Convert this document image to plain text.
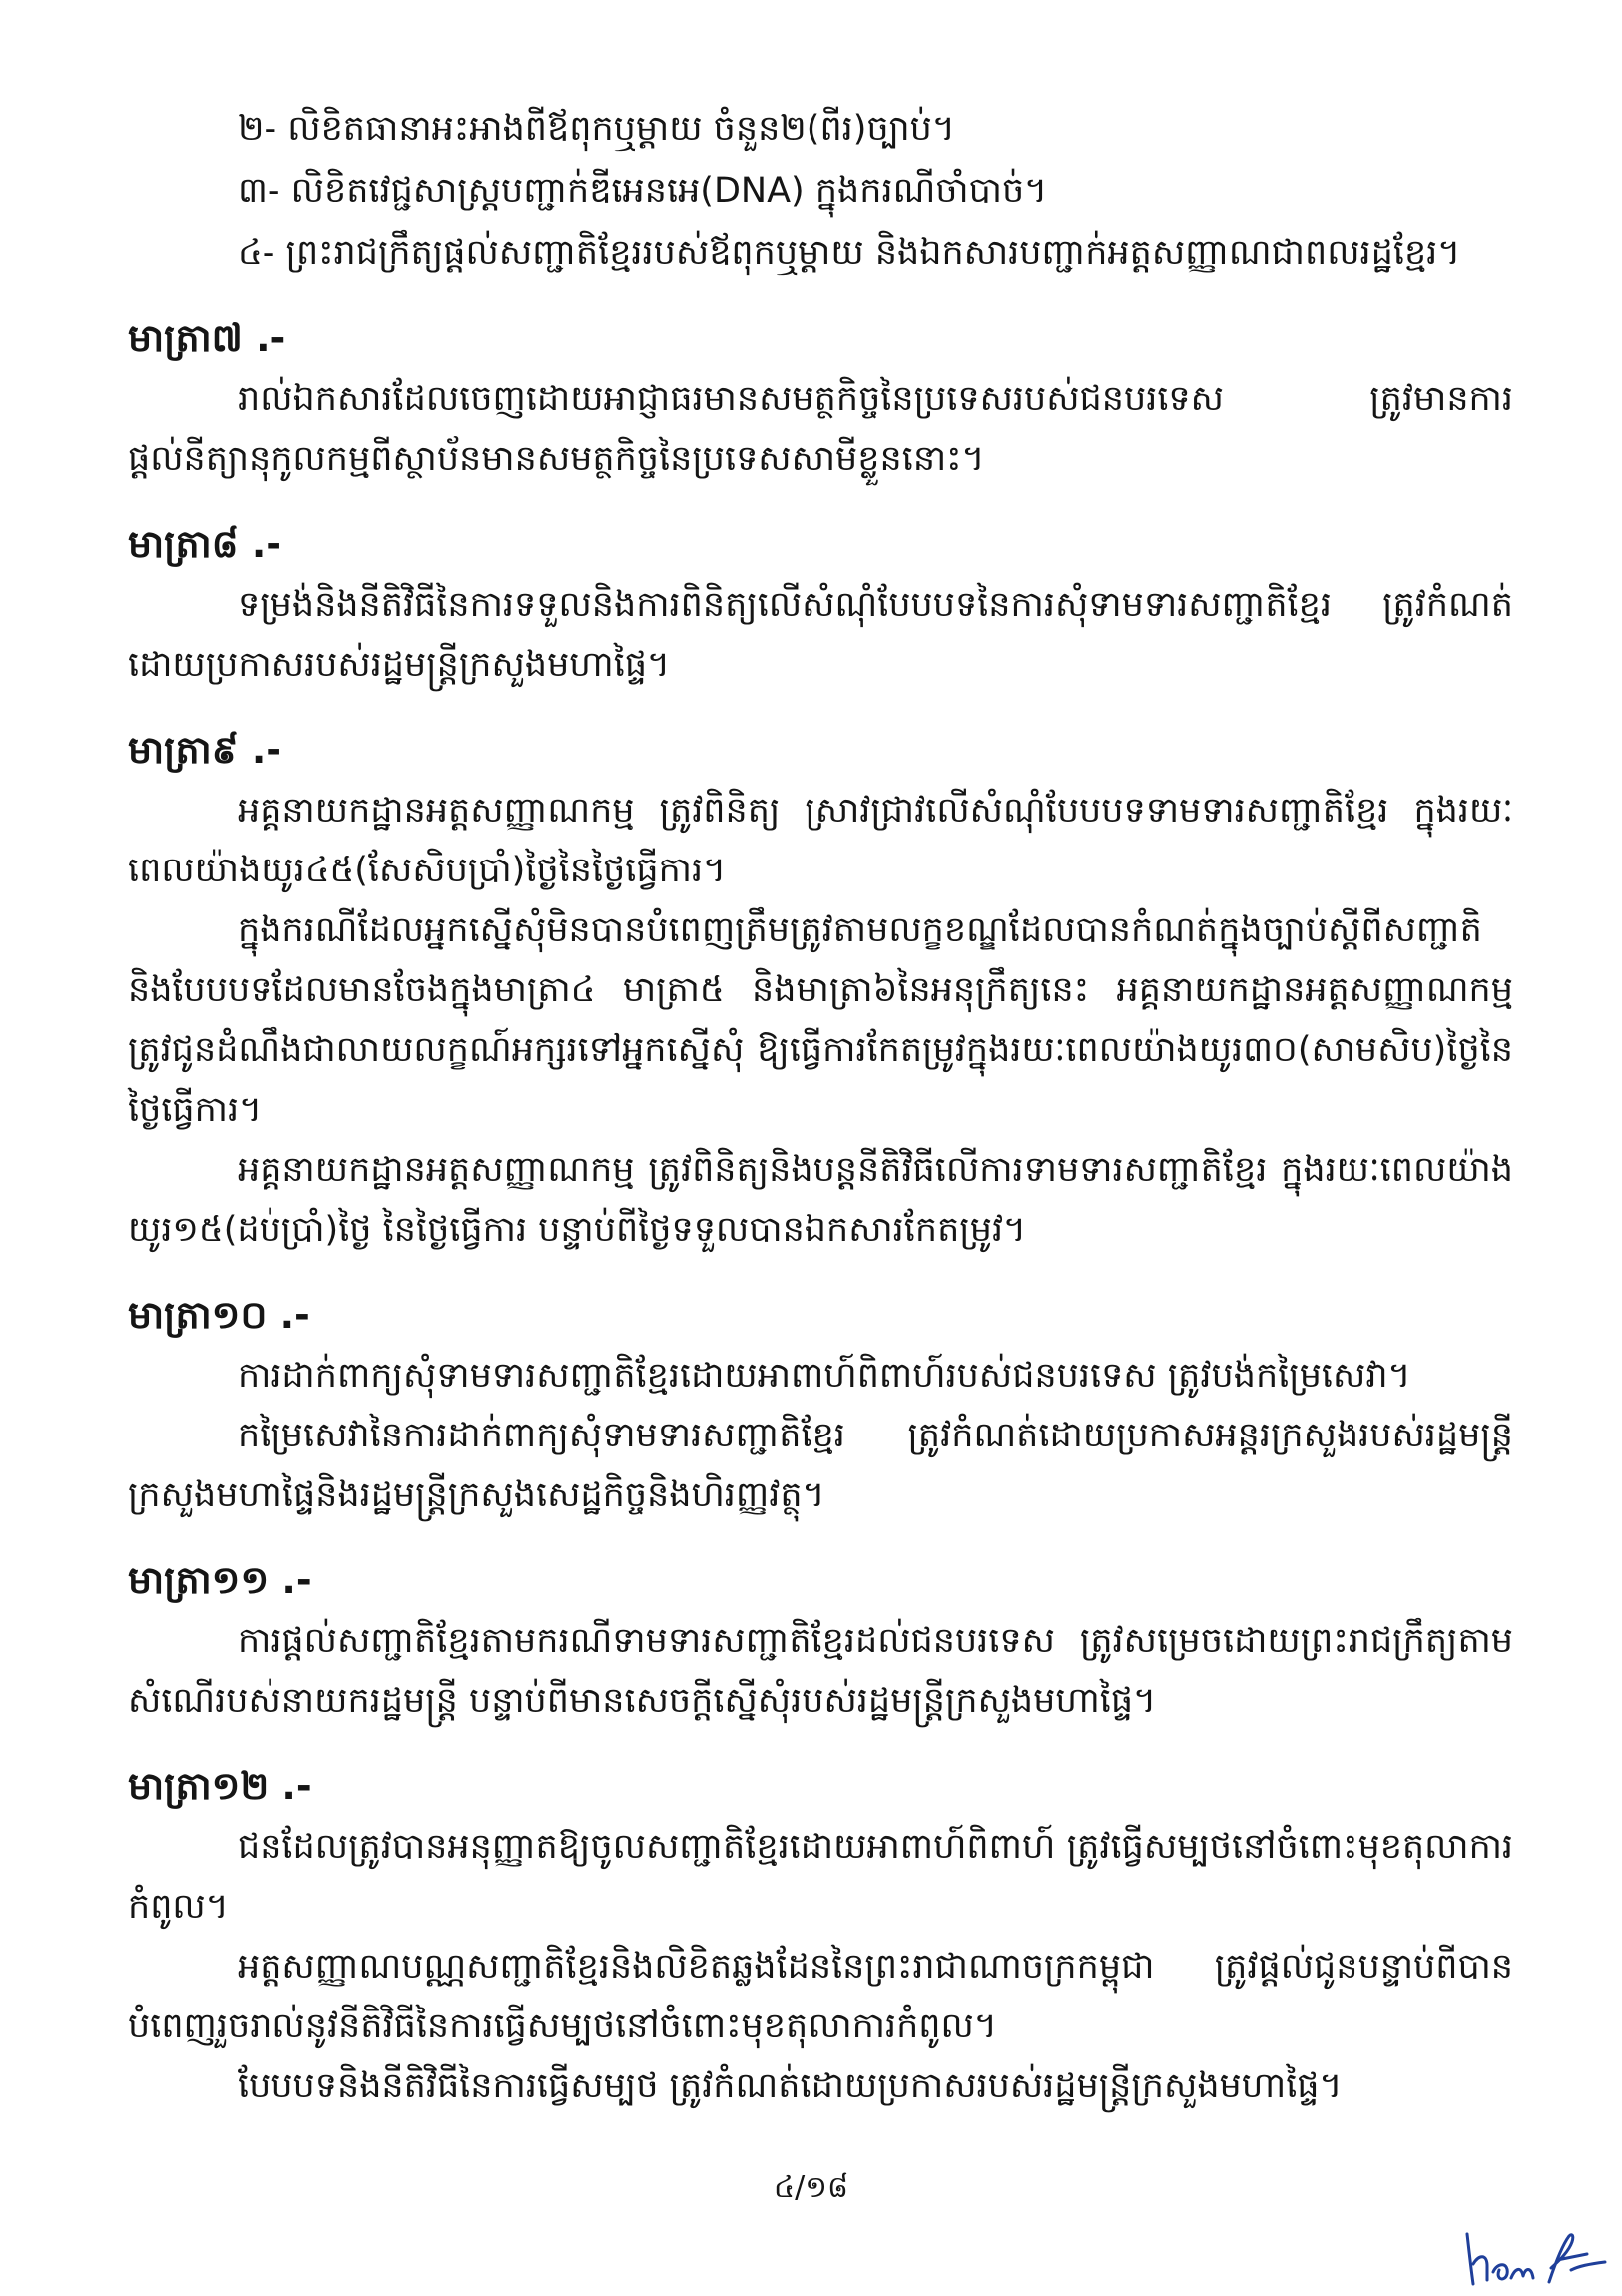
២- លិខិតធានាអះអាងពីឪពុកឬម្ដាយ ចំនួន២(ពីរ)ច្បាប់។
៣- លិខិតវេជ្ជសាស្ត្របញ្ជាក់ឌីអេនអេ(DNA) ក្នុងករណីចាំបាច់។
៤- ព្រះរាជក្រឹត្យផ្ដល់សញ្ជាតិខ្មែររបស់ឪពុកឬម្ដាយ និងឯកសារបញ្ជាក់អត្តសញ្ញាណជាពលរដ្ឋខ្មែរ។
មាត្រា៧ .-

រាល់ឯកសារដែលចេញដោយអាជ្ញាធរមានសមត្ថកិច្ចនៃប្រទេសរបស់ជនបរទេស ត្រូវមានការផ្ដល់នីត្យានុកូលកម្មពីស្ថាប័នមានសមត្ថកិច្ចនៃប្រទេសសាមីខ្លួននោះ។

មាត្រា៨ .-

ទម្រង់និងនីតិវិធីនៃការទទួលនិងការពិនិត្យលើសំណុំបែបបទនៃការសុំទាមទារសញ្ជាតិខ្មែរ ត្រូវកំណត់ដោយប្រកាសរបស់រដ្ឋមន្ត្រីក្រសួងមហាផ្ទៃ។

មាត្រា៩ .-

អគ្គនាយកដ្ឋានអត្តសញ្ញាណកម្ម ត្រូវពិនិត្យ ស្រាវជ្រាវលើសំណុំបែបបទទាមទារសញ្ជាតិខ្មែរ ក្នុងរយៈពេលយ៉ាងយូរ៤៥(សែសិបប្រាំ)ថ្ងៃនៃថ្ងៃធ្វើការ។

ក្នុងករណីដែលអ្នកស្នើសុំមិនបានបំពេញត្រឹមត្រូវតាមលក្ខខណ្ឌដែលបានកំណត់ក្នុងច្បាប់ស្ដីពីសញ្ជាតិ និងបែបបទដែលមានចែងក្នុងមាត្រា៤ មាត្រា៥ និងមាត្រា៦នៃអនុក្រឹត្យនេះ អគ្គនាយកដ្ឋានអត្តសញ្ញាណកម្ម ត្រូវជូនដំណឹងជាលាយលក្ខណ៍អក្សរទៅអ្នកស្នើសុំ ឱ្យធ្វើការកែតម្រូវក្នុងរយៈពេលយ៉ាងយូរ៣០(សាមសិប)ថ្ងៃនៃថ្ងៃធ្វើការ។

អគ្គនាយកដ្ឋានអត្តសញ្ញាណកម្ម ត្រូវពិនិត្យនិងបន្តនីតិវិធីលើការទាមទារសញ្ជាតិខ្មែរ ក្នុងរយៈពេលយ៉ាងយូរ១៥(ដប់ប្រាំ)ថ្ងៃ នៃថ្ងៃធ្វើការ បន្ទាប់ពីថ្ងៃទទួលបានឯកសារកែតម្រូវ។

មាត្រា១០ .-

ការដាក់ពាក្យសុំទាមទារសញ្ជាតិខ្មែរដោយអាពាហ៍ពិពាហ៍របស់ជនបរទេស ត្រូវបង់កម្រៃសេវា។

កម្រៃសេវានៃការដាក់ពាក្យសុំទាមទារសញ្ជាតិខ្មែរ ត្រូវកំណត់ដោយប្រកាសអន្តរក្រសួងរបស់រដ្ឋមន្ត្រីក្រសួងមហាផ្ទៃនិងរដ្ឋមន្ត្រីក្រសួងសេដ្ឋកិច្ចនិងហិរញ្ញវត្ថុ។

មាត្រា១១ .-

ការផ្ដល់សញ្ជាតិខ្មែរតាមករណីទាមទារសញ្ជាតិខ្មែរដល់ជនបរទេស ត្រូវសម្រេចដោយព្រះរាជក្រឹត្យតាមសំណើរបស់នាយករដ្ឋមន្ត្រី បន្ទាប់ពីមានសេចក្ដីស្នើសុំរបស់រដ្ឋមន្ត្រីក្រសួងមហាផ្ទៃ។

មាត្រា១២ .-

ជនដែលត្រូវបានអនុញ្ញាតឱ្យចូលសញ្ជាតិខ្មែរដោយអាពាហ៍ពិពាហ៍ ត្រូវធ្វើសម្បថនៅចំពោះមុខតុលាការកំពូល។

អត្តសញ្ញាណបណ្ណសញ្ជាតិខ្មែរនិងលិខិតឆ្លងដែននៃព្រះរាជាណាចក្រកម្ពុជា ត្រូវផ្ដល់ជូនបន្ទាប់ពីបានបំពេញរួចរាល់នូវនីតិវិធីនៃការធ្វើសម្បថនៅចំពោះមុខតុលាការកំពូល។

បែបបទនិងនីតិវិធីនៃការធ្វើសម្បថ ត្រូវកំណត់ដោយប្រកាសរបស់រដ្ឋមន្ត្រីក្រសួងមហាផ្ទៃ។

៤/១៨
